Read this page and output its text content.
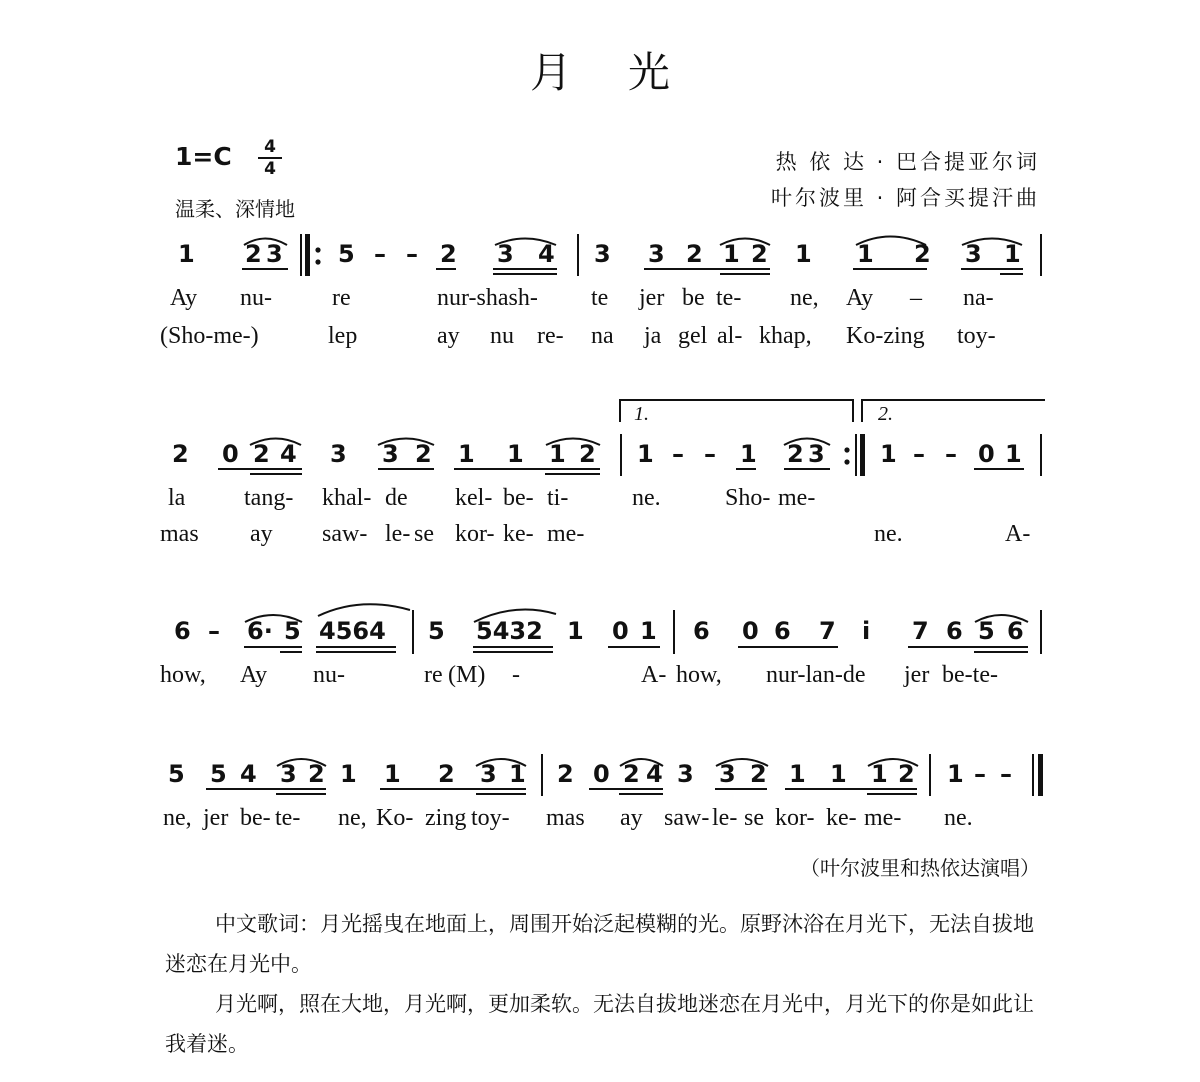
月光
1=C	4
4
温柔、深情地
热 依 达 · 巴合提亚尔词
叶尔波里 · 阿合买提汗曲
1 2 3 5 – – 2 3 4 3 3 2 1 2 1 1 2 3 1
Ay nu-	re	nur-shash- te jer be te- ne, Ay – na-
(Sho-me-)	lep	ay nu re- na ja gel al- khap, Ko-zing toy-
2 0 2 4 3 3 2 1 1 1 2 1 – – 1 2 3 1 – – 0 1
la tang- khal- de kel- be- ti-	ne.	Sho- me-
mas ay saw- le- se kor- ke- me-	ne.	A-
6 – 6· 5 4564 5 5432 1 0 1 6 0 6 7 i 7 6 5 6
how, Ay nu-	re (M) -	A- how, nur-lan-de jer be-te-
5 5 4 3 2 1 1 2 3 1 2 0 2 4 3 3 2 1 1 1 2 1 – –
ne, jer be- te- ne, Ko- zing toy- mas ay saw- le- se kor- ke- me- ne.
1.	2.
（叶尔波里和热依达演唱）
中文歌词：月光摇曳在地面上，周围开始泛起模糊的光。原野沐浴在月光下，无法自拔地迷恋在月光中。
月光啊，照在大地，月光啊，更加柔软。无法自拔地迷恋在月光中，月光下的你是如此让我着迷。
